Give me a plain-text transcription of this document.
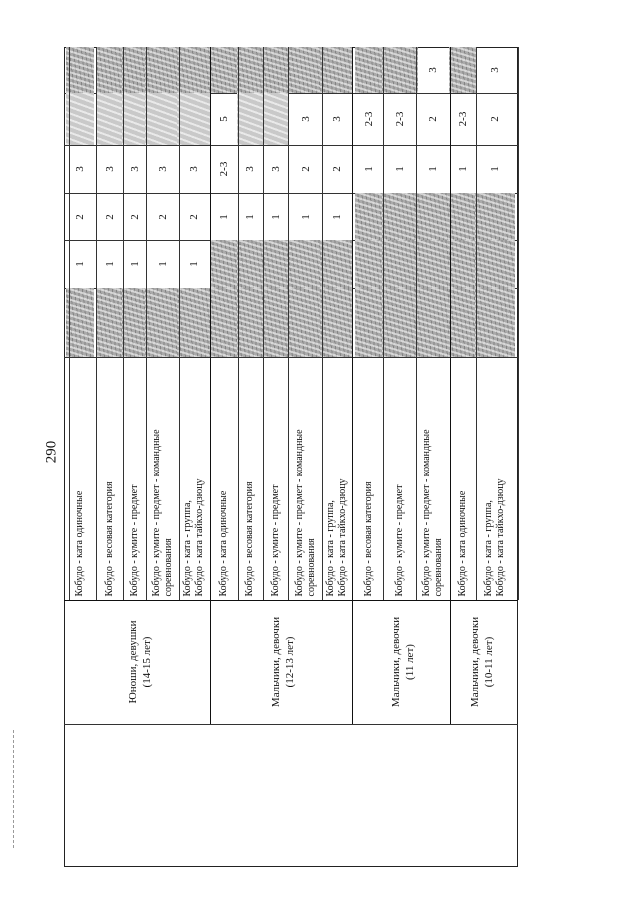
290
Юноши, девушки
(14-15 лет)
Мальчики, девочки
(12-13 лет)
Мальчики, девочки
(11 лет)
Мальчики, девочки
(10-11 лет)
Кобудо - ката одиночные
1
2
3
Кобудо - весовая категория
1
2
3
Кобудо - кумите - предмет
1
2
3
Кобудо - кумите - предмет - командные
соревнования
1
2
3
Кобудо - ката - группа,
Кобудо - ката тайкхо-дзюцу
1
2
3
Кобудо - ката одиночные
1
2-3
5
Кобудо - весовая категория
1
3
Кобудо - кумите - предмет
1
3
Кобудо - кумите - предмет - командные
соревнования
1
2
3
Кобудо - ката - группа,
Кобудо - ката тайкхо-дзюцу
1
2
3
Кобудо - весовая категория
1
2-3
Кобудо - кумите - предмет
1
2-3
Кобудо - кумите - предмет - командные
соревнования
1
2
3
Кобудо - ката одиночные
1
2-3
Кобудо - ката - группа,
Кобудо - ката тайкхо-дзюцу
1
2
3
